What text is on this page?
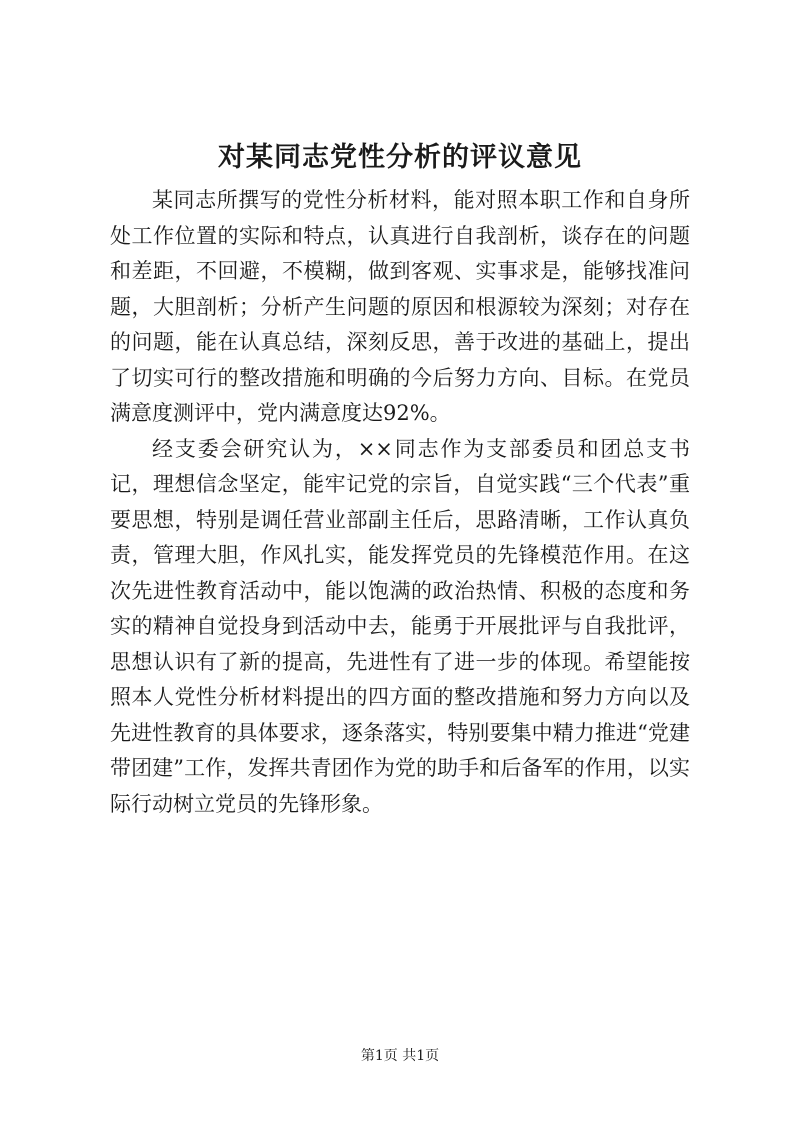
对某同志党性分析的评议意见

某同志所撰写的党性分析材料，能对照本职工作和自身所处工作位置的实际和特点，认真进行自我剖析，谈存在的问题和差距，不回避，不模糊，做到客观、实事求是，能够找准问题，大胆剖析；分析产生问题的原因和根源较为深刻；对存在的问题，能在认真总结，深刻反思，善于改进的基础上，提出了切实可行的整改措施和明确的今后努力方向、目标。在党员满意度测评中，党内满意度达92%。

经支委会研究认为，××同志作为支部委员和团总支书记，理想信念坚定，能牢记党的宗旨，自觉实践“三个代表”重要思想，特别是调任营业部副主任后，思路清晰，工作认真负责，管理大胆，作风扎实，能发挥党员的先锋模范作用。在这次先进性教育活动中，能以饱满的政治热情、积极的态度和务实的精神自觉投身到活动中去，能勇于开展批评与自我批评，思想认识有了新的提高，先进性有了进一步的体现。希望能按照本人党性分析材料提出的四方面的整改措施和努力方向以及先进性教育的具体要求，逐条落实，特别要集中精力推进“党建带团建”工作，发挥共青团作为党的助手和后备军的作用，以实际行动树立党员的先锋形象。

第1页 共1页
